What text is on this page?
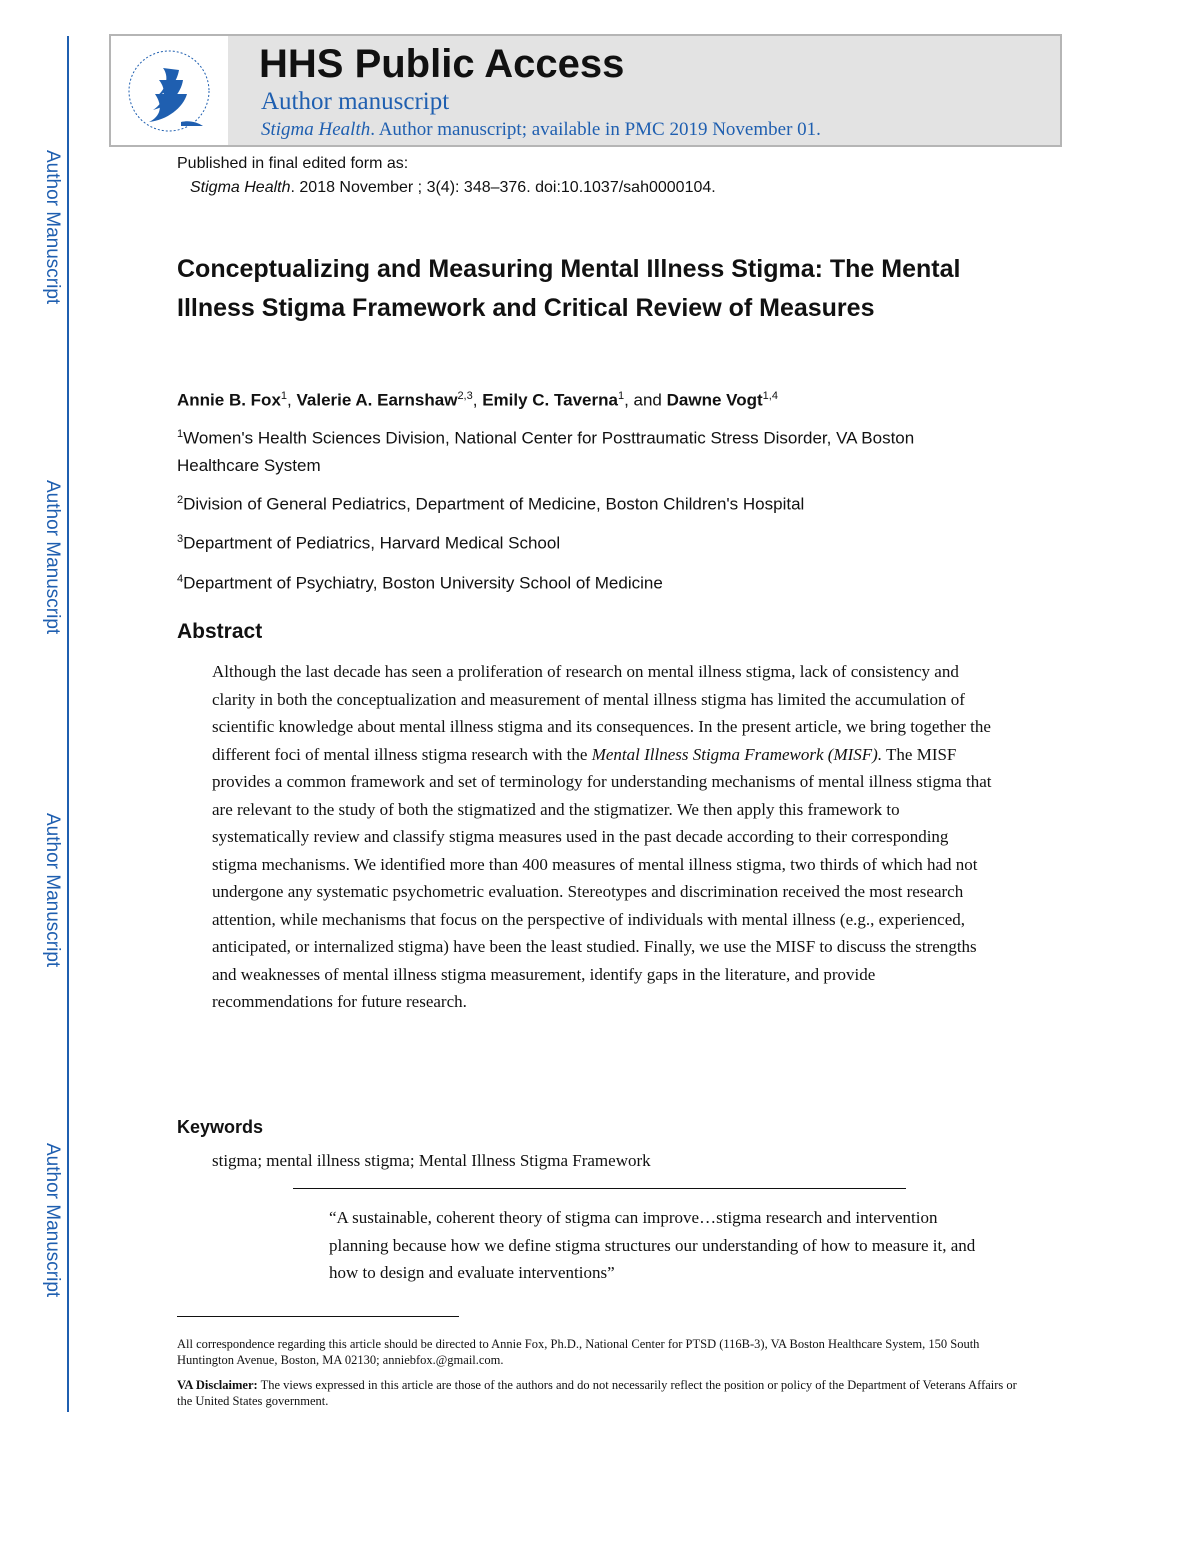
Author Manuscript
Author Manuscript
Author Manuscript
Author Manuscript
HHS Public Access
Author manuscript
Stigma Health. Author manuscript; available in PMC 2019 November 01.
Published in final edited form as:
Stigma Health. 2018 November ; 3(4): 348–376. doi:10.1037/sah0000104.
Conceptualizing and Measuring Mental Illness Stigma: The Mental Illness Stigma Framework and Critical Review of Measures
Annie B. Fox$^1$, Valerie A. Earnshaw$^{2,3}$, Emily C. Taverna$^1$, and Dawne Vogt$^{1,4}$
$^1$Women's Health Sciences Division, National Center for Posttraumatic Stress Disorder, VA Boston Healthcare System
$^2$Division of General Pediatrics, Department of Medicine, Boston Children's Hospital
$^3$Department of Pediatrics, Harvard Medical School
$^4$Department of Psychiatry, Boston University School of Medicine
Abstract
Although the last decade has seen a proliferation of research on mental illness stigma, lack of consistency and clarity in both the conceptualization and measurement of mental illness stigma has limited the accumulation of scientific knowledge about mental illness stigma and its consequences. In the present article, we bring together the different foci of mental illness stigma research with the Mental Illness Stigma Framework (MISF). The MISF provides a common framework and set of terminology for understanding mechanisms of mental illness stigma that are relevant to the study of both the stigmatized and the stigmatizer. We then apply this framework to systematically review and classify stigma measures used in the past decade according to their corresponding stigma mechanisms. We identified more than 400 measures of mental illness stigma, two thirds of which had not undergone any systematic psychometric evaluation. Stereotypes and discrimination received the most research attention, while mechanisms that focus on the perspective of individuals with mental illness (e.g., experienced, anticipated, or internalized stigma) have been the least studied. Finally, we use the MISF to discuss the strengths and weaknesses of mental illness stigma measurement, identify gaps in the literature, and provide recommendations for future research.
Keywords
stigma; mental illness stigma; Mental Illness Stigma Framework
“A sustainable, coherent theory of stigma can improve…stigma research and intervention planning because how we define stigma structures our understanding of how to measure it, and how to design and evaluate interventions”
All correspondence regarding this article should be directed to Annie Fox, Ph.D., National Center for PTSD (116B-3), VA Boston Healthcare System, 150 South Huntington Avenue, Boston, MA 02130; anniebfox.@gmail.com.
VA Disclaimer: The views expressed in this article are those of the authors and do not necessarily reflect the position or policy of the Department of Veterans Affairs or the United States government.
